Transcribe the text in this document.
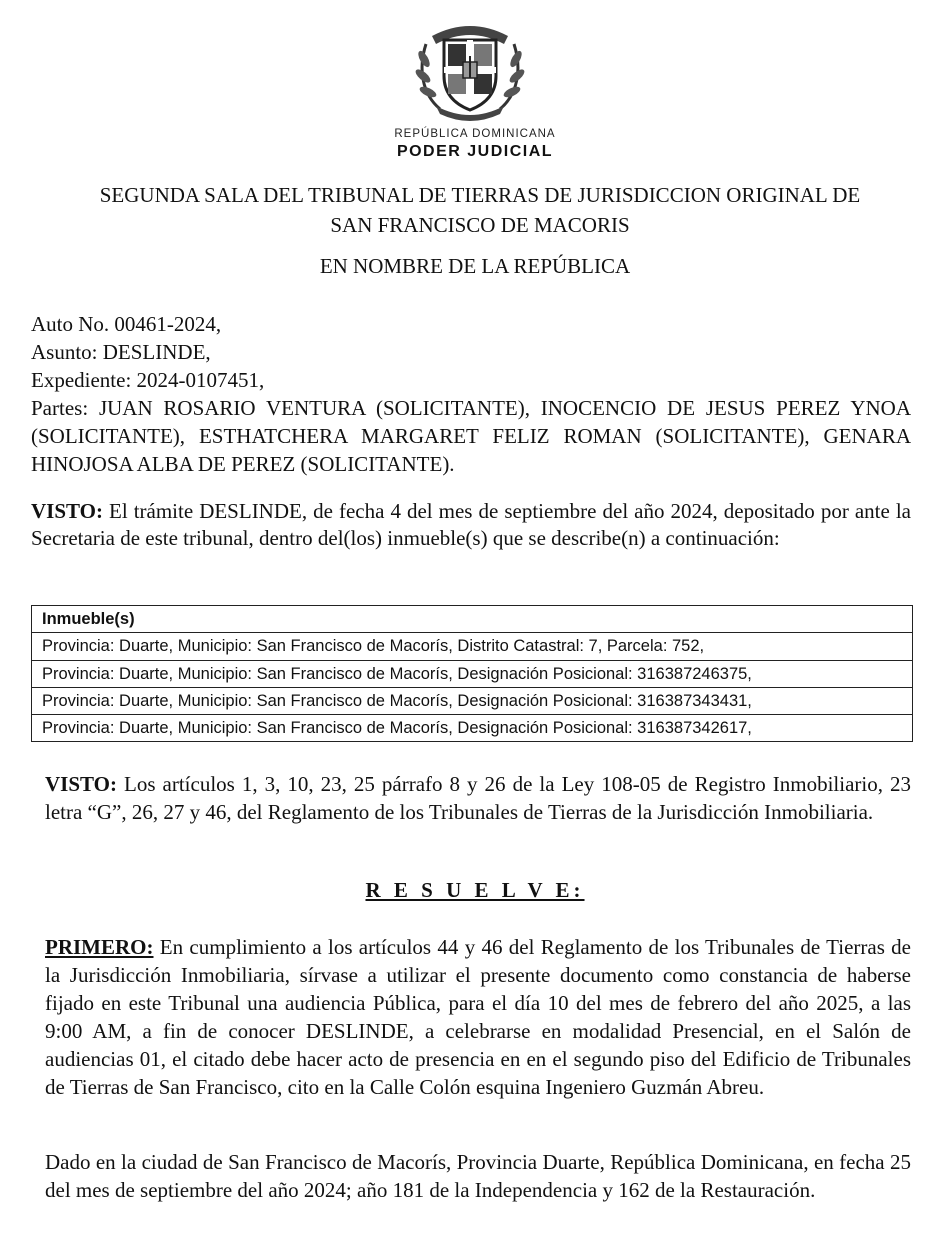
REPÚBLICA DOMINICANA
PODER JUDICIAL
SEGUNDA SALA DEL TRIBUNAL DE TIERRAS DE JURISDICCION ORIGINAL DE
SAN FRANCISCO DE MACORIS
EN NOMBRE DE LA REPÚBLICA
Auto No. 00461-2024,
Asunto: DESLINDE,
Expediente: 2024-0107451,
Partes: JUAN ROSARIO VENTURA (SOLICITANTE), INOCENCIO DE JESUS PEREZ YNOA (SOLICITANTE), ESTHATCHERA MARGARET FELIZ ROMAN (SOLICITANTE), GENARA HINOJOSA ALBA DE PEREZ (SOLICITANTE).
VISTO: El trámite DESLINDE, de fecha 4 del mes de septiembre del año 2024, depositado por ante la Secretaria de este tribunal, dentro del(los) inmueble(s) que se describe(n) a continuación:
Inmueble(s)
Provincia: Duarte, Municipio: San Francisco de Macorís, Distrito Catastral: 7, Parcela: 752,
Provincia: Duarte, Municipio: San Francisco de Macorís, Designación Posicional: 316387246375,
Provincia: Duarte, Municipio: San Francisco de Macorís, Designación Posicional: 316387343431,
Provincia: Duarte, Municipio: San Francisco de Macorís, Designación Posicional: 316387342617,
VISTO: Los artículos 1, 3, 10, 23, 25 párrafo 8 y 26 de la Ley 108-05 de Registro Inmobiliario, 23 letra “G”, 26, 27 y 46, del Reglamento de los Tribunales de Tierras de la Jurisdicción Inmobiliaria.
R E S U E L V E:
PRIMERO: En cumplimiento a los artículos 44 y 46 del Reglamento de los Tribunales de Tierras de la Jurisdicción Inmobiliaria, sírvase a utilizar el presente documento como constancia de haberse fijado en este Tribunal una audiencia Pública, para el día 10 del mes de febrero del año 2025, a las 9:00 AM, a fin de conocer DESLINDE, a celebrarse en modalidad Presencial, en el Salón de audiencias 01, el citado debe hacer acto de presencia en en el segundo piso del Edificio de Tribunales de Tierras de San Francisco, cito en la Calle Colón esquina Ingeniero Guzmán Abreu.
Dado en la ciudad de San Francisco de Macorís, Provincia Duarte, República Dominicana, en fecha 25 del mes de septiembre del año 2024; año 181 de la Independencia y 162 de la Restauración.
